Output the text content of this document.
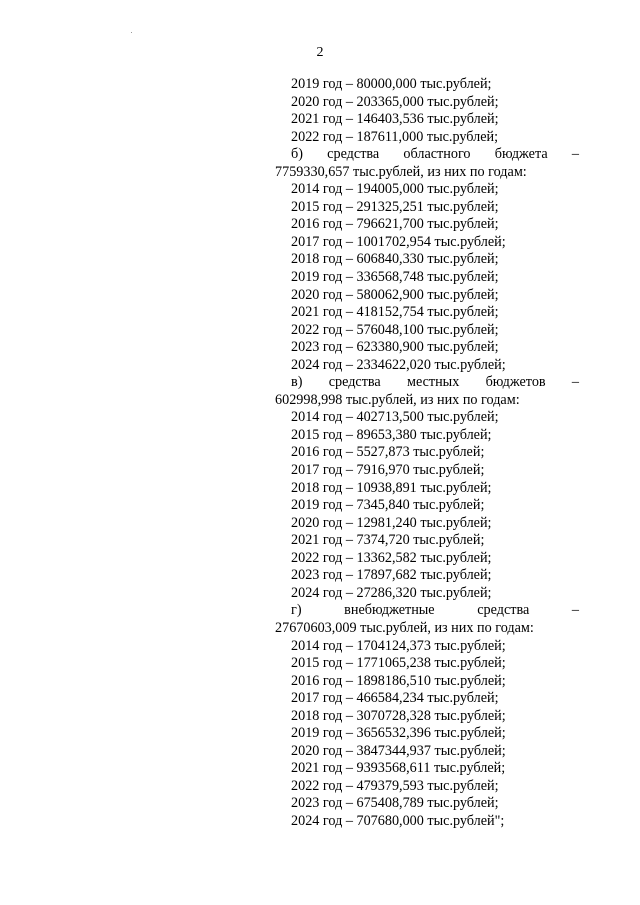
2
2019 год – 80000,000 тыс.рублей;
2020 год – 203365,000 тыс.рублей;
2021 год – 146403,536 тыс.рублей;
2022 год – 187611,000 тыс.рублей;
б) средства областного бюджета –
7759330,657 тыс.рублей, из них по годам:
2014 год – 194005,000 тыс.рублей;
2015 год – 291325,251 тыс.рублей;
2016 год – 796621,700 тыс.рублей;
2017 год – 1001702,954 тыс.рублей;
2018 год – 606840,330 тыс.рублей;
2019 год – 336568,748 тыс.рублей;
2020 год – 580062,900 тыс.рублей;
2021 год – 418152,754 тыс.рублей;
2022 год – 576048,100 тыс.рублей;
2023 год – 623380,900 тыс.рублей;
2024 год – 2334622,020 тыс.рублей;
в) средства местных бюджетов –
602998,998 тыс.рублей, из них по годам:
2014 год – 402713,500 тыс.рублей;
2015 год – 89653,380 тыс.рублей;
2016 год – 5527,873 тыс.рублей;
2017 год – 7916,970 тыс.рублей;
2018 год – 10938,891 тыс.рублей;
2019 год – 7345,840 тыс.рублей;
2020 год – 12981,240 тыс.рублей;
2021 год – 7374,720 тыс.рублей;
2022 год – 13362,582 тыс.рублей;
2023 год – 17897,682 тыс.рублей;
2024 год – 27286,320 тыс.рублей;
г)	внебюджетные	средства	–
27670603,009 тыс.рублей, из них по годам:
2014 год – 1704124,373 тыс.рублей;
2015 год – 1771065,238 тыс.рублей;
2016 год – 1898186,510 тыс.рублей;
2017 год – 466584,234 тыс.рублей;
2018 год – 3070728,328 тыс.рублей;
2019 год – 3656532,396 тыс.рублей;
2020 год – 3847344,937 тыс.рублей;
2021 год – 9393568,611 тыс.рублей;
2022 год – 479379,593 тыс.рублей;
2023 год – 675408,789 тыс.рублей;
2024 год – 707680,000 тыс.рублей";
